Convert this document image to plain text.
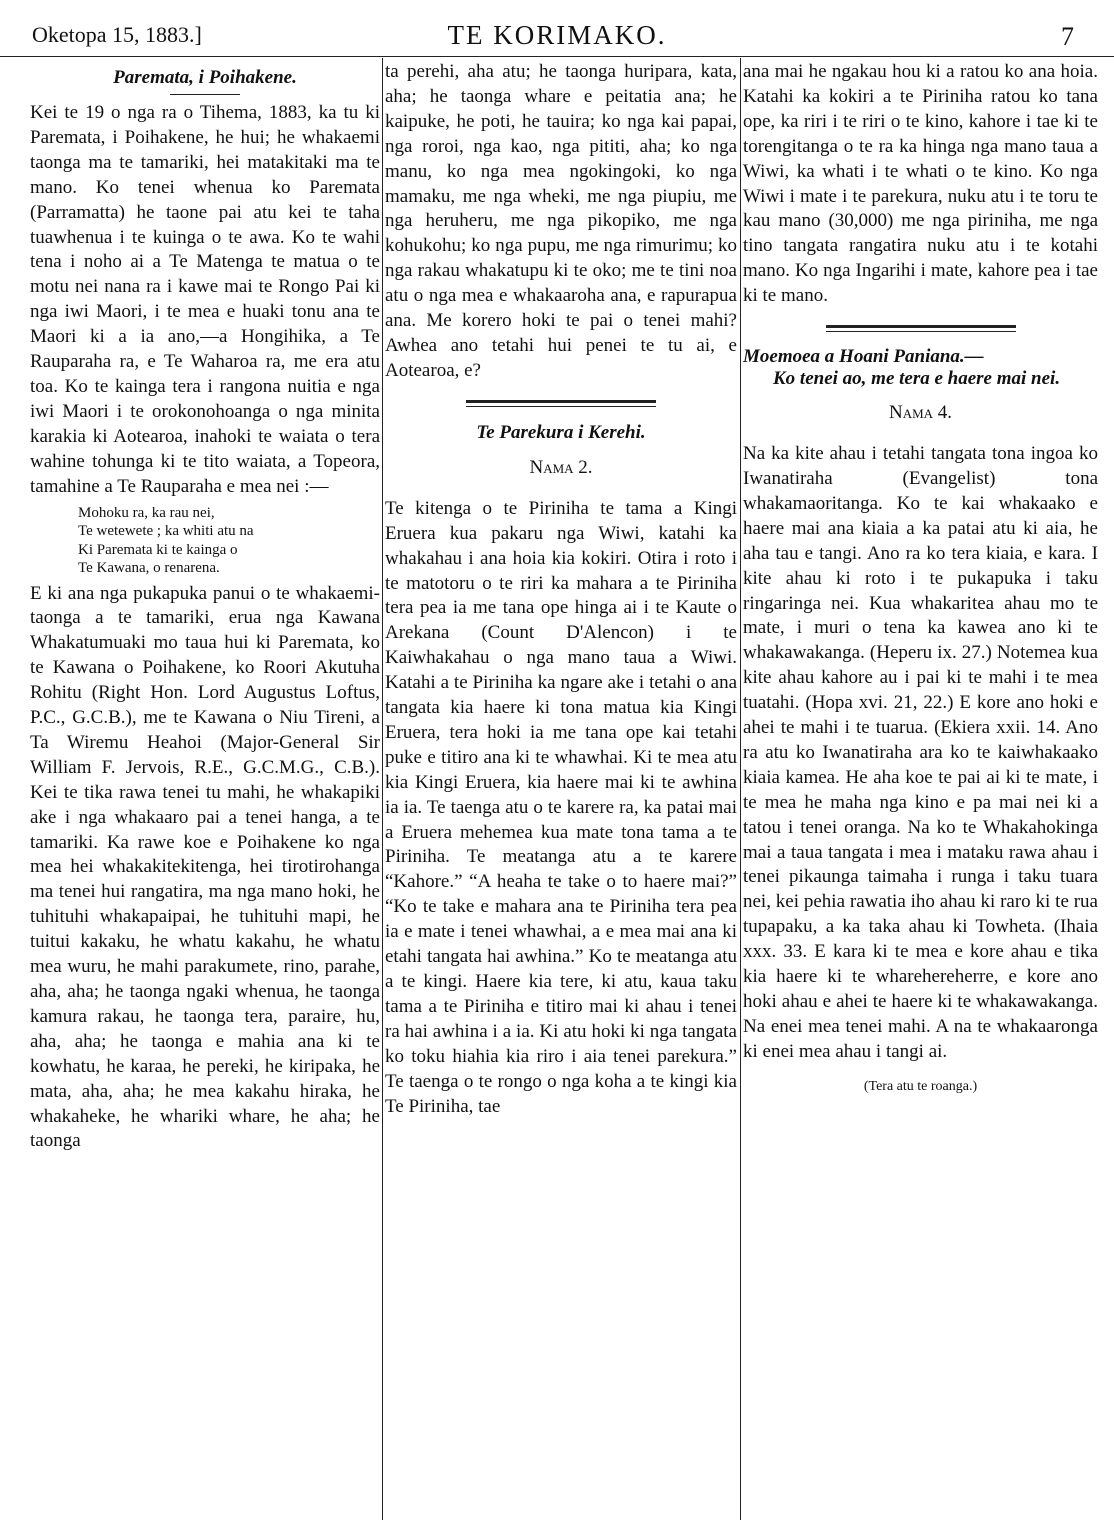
Oketopa 15, 1883.]	TE KORIMAKO.	7
Paremata, i Poihakene.

Kei te 19 o nga ra o Tihema, 1883, ka tu ki Paremata, i Poihakene, he hui; he whakaemi taonga ma te tamariki, hei matakitaki ma te mano. Ko tenei whenua ko Paremata (Parramatta) he taone pai atu kei te taha tuawhenua i te kuinga o te awa. Ko te wahi tena i noho ai a Te Matenga te matua o te motu nei nana ra i kawe mai te Rongo Pai ki nga iwi Maori, i te mea e huaki tonu ana te Maori ki a ia ano,—a Hongihika, a Te Rauparaha ra, e Te Waharoa ra, me era atu toa. Ko te kainga tera i rangona nuitia e nga iwi Maori i te orokonohoanga o nga minita karakia ki Aotearoa, inahoki te waiata o tera wahine tohunga ki te tito waiata, a Topeora, tamahine a Te Rauparaha e mea nei :—

Mohoku ra, ka rau nei,
Te wetewete ; ka whiti atu na
Ki Paremata ki te kainga o
Te Kawana, o renarena.

E ki ana nga pukapuka panui o te whakaemi-taonga a te tamariki, erua nga Kawana Whakatumuaki mo taua hui ki Paremata, ko te Kawana o Poihakene, ko Roori Akutuha Rohitu (Right Hon. Lord Augustus Loftus, P.C., G.C.B.), me te Kawana o Niu Tireni, a Ta Wiremu Heahoi (Major-General Sir William F. Jervois, R.E., G.C.M.G., C.B.). Kei te tika rawa tenei tu mahi, he whakapiki ake i nga whakaaro pai a tenei hanga, a te tamariki. Ka rawe koe e Poihakene ko nga mea hei whakakitekitenga, hei tirotirohanga ma tenei hui rangatira, ma nga mano hoki, he tuhituhi whakapaipai, he tuhituhi mapi, he tuitui kakaku, he whatu kakahu, he whatu mea wuru, he mahi parakumete, rino, parahe, aha, aha; he taonga ngaki whenua, he taonga kamura rakau, he taonga tera, paraire, hu, aha, aha; he taonga e mahia ana ki te kowhatu, he karaa, he pereki, he kiripaka, he mata, aha, aha; he mea kakahu hiraka, he whakaheke, he whariki whare, he aha; he taonga

ta perehi, aha atu; he taonga huripara, kata, aha; he taonga whare e peitatia ana; he kaipuke, he poti, he tauira; ko nga kai papai, nga roroi, nga kao, nga pititi, aha; ko nga manu, ko nga mea ngokingoki, ko nga mamaku, me nga wheki, me nga piupiu, me nga heruheru, me nga pikopiko, me nga kohukohu; ko nga pupu, me nga rimurimu; ko nga rakau whakatupu ki te oko; me te tini noa atu o nga mea e whakaaroha ana, e rapurapua ana. Me korero hoki te pai o tenei mahi? Awhea ano tetahi hui penei te tu ai, e Aotearoa, e?

Te Parekura i Kerehi.
Nama 2.

Te kitenga o te Piriniha te tama a Kingi Eruera kua pakaru nga Wiwi, katahi ka whakahau i ana hoia kia kokiri. Otira i roto i te matotoru o te riri ka mahara a te Piriniha tera pea ia me tana ope hinga ai i te Kaute o Arekana (Count D'Alencon) i te Kaiwhakahau o nga mano taua a Wiwi. Katahi a te Piriniha ka ngare ake i tetahi o ana tangata kia haere ki tona matua kia Kingi Eruera, tera hoki ia me tana ope kai tetahi puke e titiro ana ki te whawhai. Ki te mea atu kia Kingi Eruera, kia haere mai ki te awhina ia ia. Te taenga atu o te karere ra, ka patai mai a Eruera mehemea kua mate tona tama a te Piriniha. Te meatanga atu a te karere “Kahore.” “A heaha te take o to haere mai?” “Ko te take e mahara ana te Piriniha tera pea ia e mate i tenei whawhai, a e mea mai ana ki etahi tangata hai awhina.” Ko te meatanga atu a te kingi. Haere kia tere, ki atu, kaua taku tama a te Piriniha e titiro mai ki ahau i tenei ra hai awhina i a ia. Ki atu hoki ki nga tangata ko toku hiahia kia riro i aia tenei parekura.” Te taenga o te rongo o nga koha a te kingi kia Te Piriniha, tae

ana mai he ngakau hou ki a ratou ko ana hoia. Katahi ka kokiri a te Piriniha ratou ko tana ope, ka riri i te riri o te kino, kahore i tae ki te torengitanga o te ra ka hinga nga mano taua a Wiwi, ka whati i te whati o te kino. Ko nga Wiwi i mate i te parekura, nuku atu i te toru te kau mano (30,000) me nga piriniha, me nga tino tangata rangatira nuku atu i te kotahi mano. Ko nga Ingarihi i mate, kahore pea i tae ki te mano.

Moemoea a Hoani Paniana.—
Ko tenei ao, me tera e haere mai nei.
Nama 4.

Na ka kite ahau i tetahi tangata tona ingoa ko Iwanatiraha (Evangelist) tona whakamaoritanga. Ko te kai whakaako e haere mai ana kiaia a ka patai atu ki aia, he aha tau e tangi. Ano ra ko tera kiaia, e kara. I kite ahau ki roto i te pukapuka i taku ringaringa nei. Kua whakaritea ahau mo te mate, i muri o tena ka kawea ano ki te whakawakanga. (Heperu ix. 27.) Notemea kua kite ahau kahore au i pai ki te mahi i te mea tuatahi. (Hopa xvi. 21, 22.) E kore ano hoki e ahei te mahi i te tuarua. (Ekiera xxii. 14. Ano ra atu ko Iwanatiraha ara ko te kaiwhakaako kiaia kamea. He aha koe te pai ai ki te mate, i te mea he maha nga kino e pa mai nei ki a tatou i tenei oranga. Na ko te Whakahokinga mai a taua tangata i mea i mataku rawa ahau i tenei pikaunga taimaha i runga i taku tuara nei, kei pehia rawatia iho ahau ki raro ki te rua tupapaku, a ka taka ahau ki Towheta. (Ihaia xxx. 33. E kara ki te mea e kore ahau e tika kia haere ki te wharehereherre, e kore ano hoki ahau e ahei te haere ki te whakawakanga. Na enei mea tenei mahi. A na te whakaaronga ki enei mea ahau i tangi ai.

(Tera atu te roanga.)
